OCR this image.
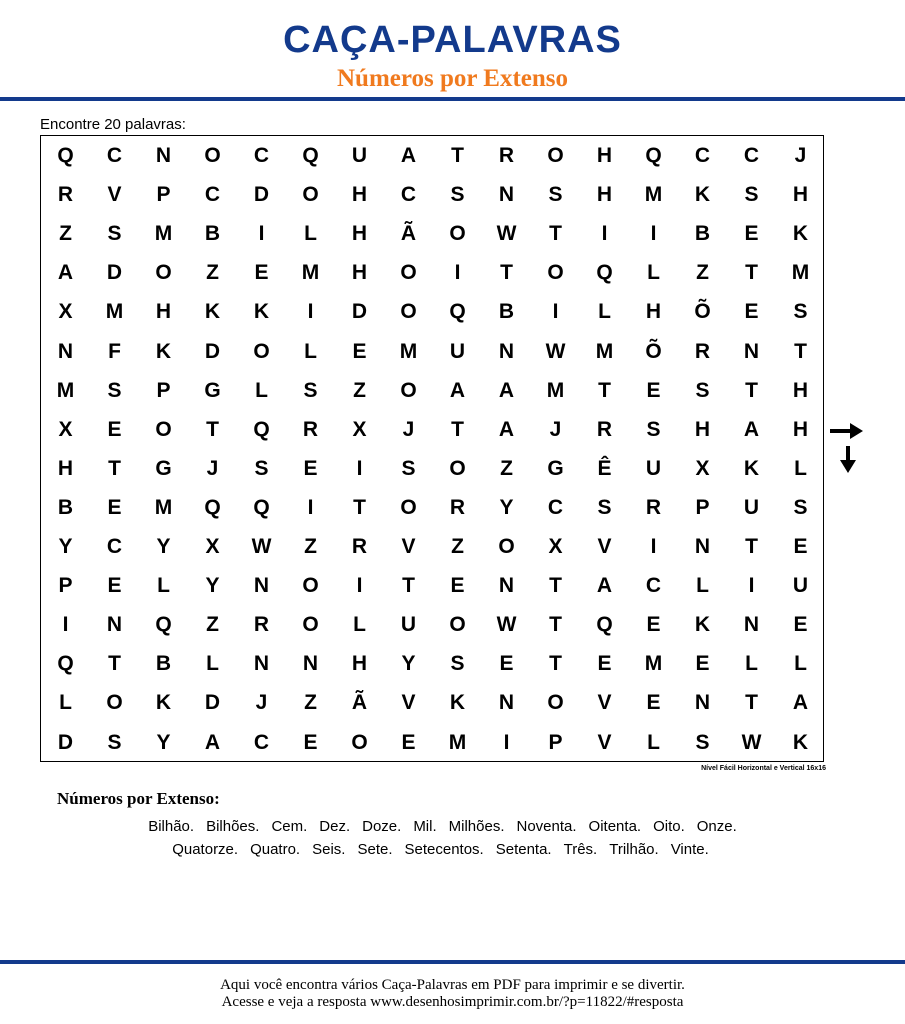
CAÇA-PALAVRAS
Números por Extenso
Encontre 20 palavras:
Q	C	N	O	C	Q	U	A	T	R	O	H	Q	C	C	J
R	V	P	C	D	O	H	C	S	N	S	H	M	K	S	H
Z	S	M	B	I	L	H	Ã	O	W	T	I	I	B	E	K
A	D	O	Z	E	M	H	O	I	T	O	Q	L	Z	T	M
X	M	H	K	K	I	D	O	Q	B	I	L	H	Õ	E	S
N	F	K	D	O	L	E	M	U	N	W	M	Õ	R	N	T
M	S	P	G	L	S	Z	O	A	A	M	T	E	S	T	H
X	E	O	T	Q	R	X	J	T	A	J	R	S	H	A	H
H	T	G	J	S	E	I	S	O	Z	G	Ê	U	X	K	L
B	E	M	Q	Q	I	T	O	R	Y	C	S	R	P	U	S
Y	C	Y	X	W	Z	R	V	Z	O	X	V	I	N	T	E
P	E	L	Y	N	O	I	T	E	N	T	A	C	L	I	U
I	N	Q	Z	R	O	L	U	O	W	T	Q	E	K	N	E
Q	T	B	L	N	N	H	Y	S	E	T	E	M	E	L	L
L	O	K	D	J	Z	Ã	V	K	N	O	V	E	N	T	A
D	S	Y	A	C	E	O	E	M	I	P	V	L	S	W	K
Nível Fácil Horizontal e Vertical 16x16
Números por Extenso:
Bilhão. Bilhões. Cem. Dez. Doze. Mil. Milhões. Noventa. Oitenta. Oito. Onze.
Quatorze. Quatro. Seis. Sete. Setecentos. Setenta. Três. Trilhão. Vinte.
Aqui você encontra vários Caça-Palavras em PDF para imprimir e se divertir.
Acesse e veja a resposta www.desenhosimprimir.com.br/?p=11822/#resposta
